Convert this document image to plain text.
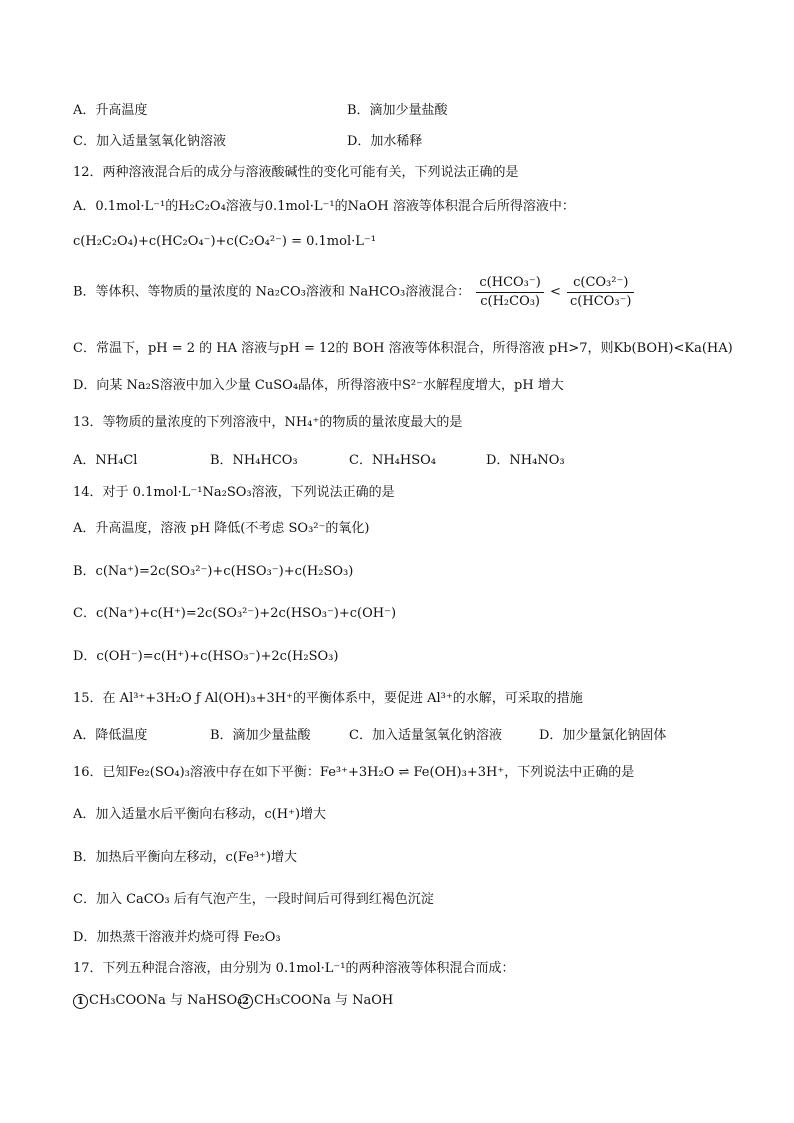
A．升高温度	B．滴加少量盐酸
C．加入适量氢氧化钠溶液	D．加水稀释
12．两种溶液混合后的成分与溶液酸碱性的变化可能有关，下列说法正确的是
A．0.1mol·L⁻¹的H₂C₂O₄溶液与0.1mol·L⁻¹的NaOH 溶液等体积混合后所得溶液中：
c(H₂C₂O₄)+c(HC₂O₄⁻)+c(C₂O₄²⁻) = 0.1mol·L⁻¹
B．等体积、等物质的量浓度的 Na₂CO₃溶液和 NaHCO₃溶液混合： $\frac{\text{c(HCO₃⁻)}}{\text{c(H₂CO₃)}} < \frac{\text{c(CO₃²⁻)}}{\text{c(HCO₃⁻)}}$
C．常温下，pH = 2 的 HA 溶液与pH = 12的 BOH 溶液等体积混合，所得溶液 pH>7，则Kb(BOH)<Ka(HA)
D．向某 Na₂S溶液中加入少量 CuSO₄晶体，所得溶液中S²⁻水解程度增大，pH 增大
13．等物质的量浓度的下列溶液中，NH₄⁺的物质的量浓度最大的是
A．NH₄Cl	B．NH₄HCO₃	C．NH₄HSO₄	D．NH₄NO₃
14．对于 0.1mol·L⁻¹Na₂SO₃溶液，下列说法正确的是
A．升高温度，溶液 pH 降低(不考虑 SO₃²⁻的氧化)
B．c(Na⁺)=2c(SO₃²⁻)+c(HSO₃⁻)+c(H₂SO₃)
C．c(Na⁺)+c(H⁺)=2c(SO₃²⁻)+2c(HSO₃⁻)+c(OH⁻)
D．c(OH⁻)=c(H⁺)+c(HSO₃⁻)+2c(H₂SO₃)
15．在 Al³⁺+3H₂O ƒ Al(OH)₃+3H⁺的平衡体系中，要促进 Al³⁺的水解，可采取的措施
A．降低温度	B．滴加少量盐酸	C．加入适量氢氧化钠溶液	D．加少量氯化钠固体
16．已知Fe₂(SO₄)₃溶液中存在如下平衡：Fe³⁺+3H₂O ⇌ Fe(OH)₃+3H⁺，下列说法中正确的是
A．加入适量水后平衡向右移动，c(H⁺)增大
B．加热后平衡向左移动，c(Fe³⁺)增大
C．加入 CaCO₃ 后有气泡产生，一段时间后可得到红褐色沉淀
D．加热蒸干溶液并灼烧可得 Fe₂O₃
17．下列五种混合溶液，由分别为 0.1mol·L⁻¹的两种溶液等体积混合而成：
1 CH₃COONa 与 NaHSO₄ 2 CH₃COONa 与 NaOH
